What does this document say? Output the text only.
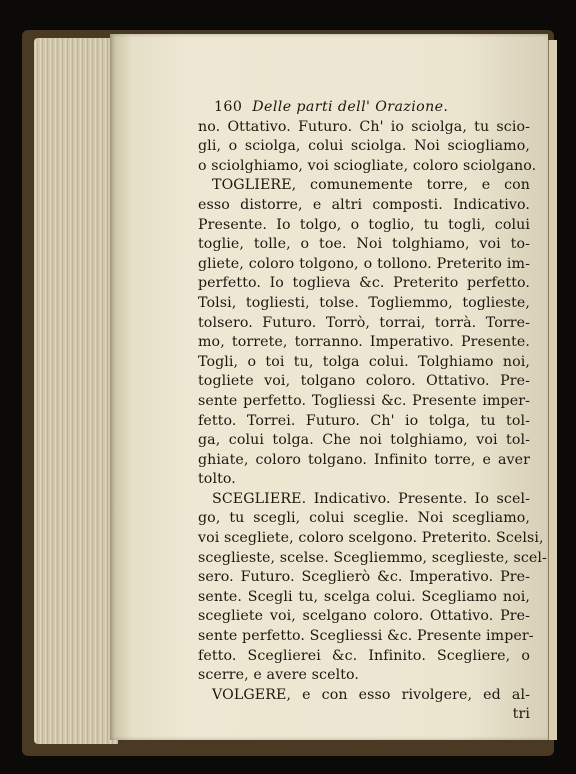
160 Delle parti dell' Orazione.
no. Ottativo. Futuro. Ch' io sciolga, tu scio-
gli, o sciolga, colui sciolga. Noi sciogliamo,
o sciolghiamo, voi sciogliate, coloro sciolgano.
TOGLIERE, comunemente torre, e con
esso distorre, e altri composti. Indicativo.
Presente. Io tolgo, o toglio, tu togli, colui
toglie, tolle, o toe. Noi tolghiamo, voi to-
gliete, coloro tolgono, o tollono. Preterito im-
perfetto. Io toglieva &c. Preterito perfetto.
Tolsi, togliesti, tolse. Togliemmo, toglieste,
tolsero. Futuro. Torrò, torrai, torrà. Torre-
mo, torrete, torranno. Imperativo. Presente.
Togli, o toi tu, tolga colui. Tolghiamo noi,
togliete voi, tolgano coloro. Ottativo. Pre-
sente perfetto. Togliessi &c. Presente imper-
fetto. Torrei. Futuro. Ch' io tolga, tu tol-
ga, colui tolga. Che noi tolghiamo, voi tol-
ghiate, coloro tolgano. Infinito torre, e aver
tolto.
SCEGLIERE. Indicativo. Presente. Io scel-
go, tu scegli, colui sceglie. Noi scegliamo,
voi scegliete, coloro scelgono. Preterito. Scelsi,
sceglieste, scelse. Scegliemmo, sceglieste, scel-
sero. Futuro. Sceglierò &c. Imperativo. Pre-
sente. Scegli tu, scelga colui. Scegliamo noi,
scegliete voi, scelgano coloro. Ottativo. Pre-
sente perfetto. Scegliessi &c. Presente imper-
fetto. Sceglierei &c. Infinito. Scegliere, o
scerre, e avere scelto.
VOLGERE, e con esso rivolgere, ed al-
tri
